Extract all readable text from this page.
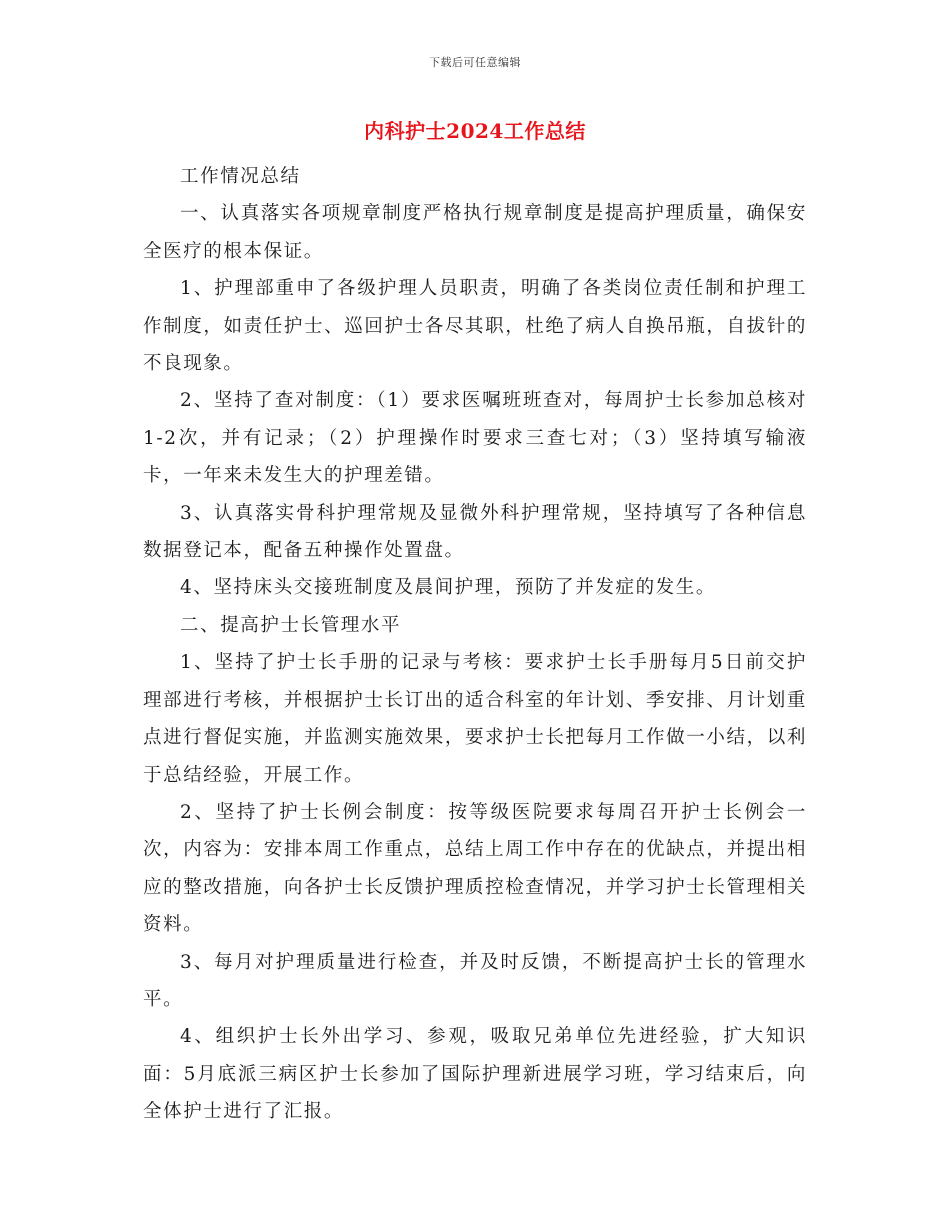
下载后可任意编辑
内科护士2024工作总结

工作情况总结

一、认真落实各项规章制度严格执行规章制度是提高护理质量，确保安全医疗的根本保证。

1、护理部重申了各级护理人员职责，明确了各类岗位责任制和护理工作制度，如责任护士、巡回护士各尽其职，杜绝了病人自换吊瓶，自拔针的不良现象。

2、坚持了查对制度：（1）要求医嘱班班查对，每周护士长参加总核对1-2次，并有记录；（2）护理操作时要求三查七对；（3）坚持填写输液卡，一年来未发生大的护理差错。

3、认真落实骨科护理常规及显微外科护理常规，坚持填写了各种信息数据登记本，配备五种操作处置盘。

4、坚持床头交接班制度及晨间护理，预防了并发症的发生。

二、提高护士长管理水平

1、坚持了护士长手册的记录与考核：要求护士长手册每月5日前交护理部进行考核，并根据护士长订出的适合科室的年计划、季安排、月计划重点进行督促实施，并监测实施效果，要求护士长把每月工作做一小结，以利于总结经验，开展工作。

2、坚持了护士长例会制度：按等级医院要求每周召开护士长例会一次，内容为：安排本周工作重点，总结上周工作中存在的优缺点，并提出相应的整改措施，向各护士长反馈护理质控检查情况，并学习护士长管理相关资料。

3、每月对护理质量进行检查，并及时反馈，不断提高护士长的管理水平。

4、组织护士长外出学习、参观，吸取兄弟单位先进经验，扩大知识面：5月底派三病区护士长参加了国际护理新进展学习班，学习结束后，向全体护士进行了汇报。
